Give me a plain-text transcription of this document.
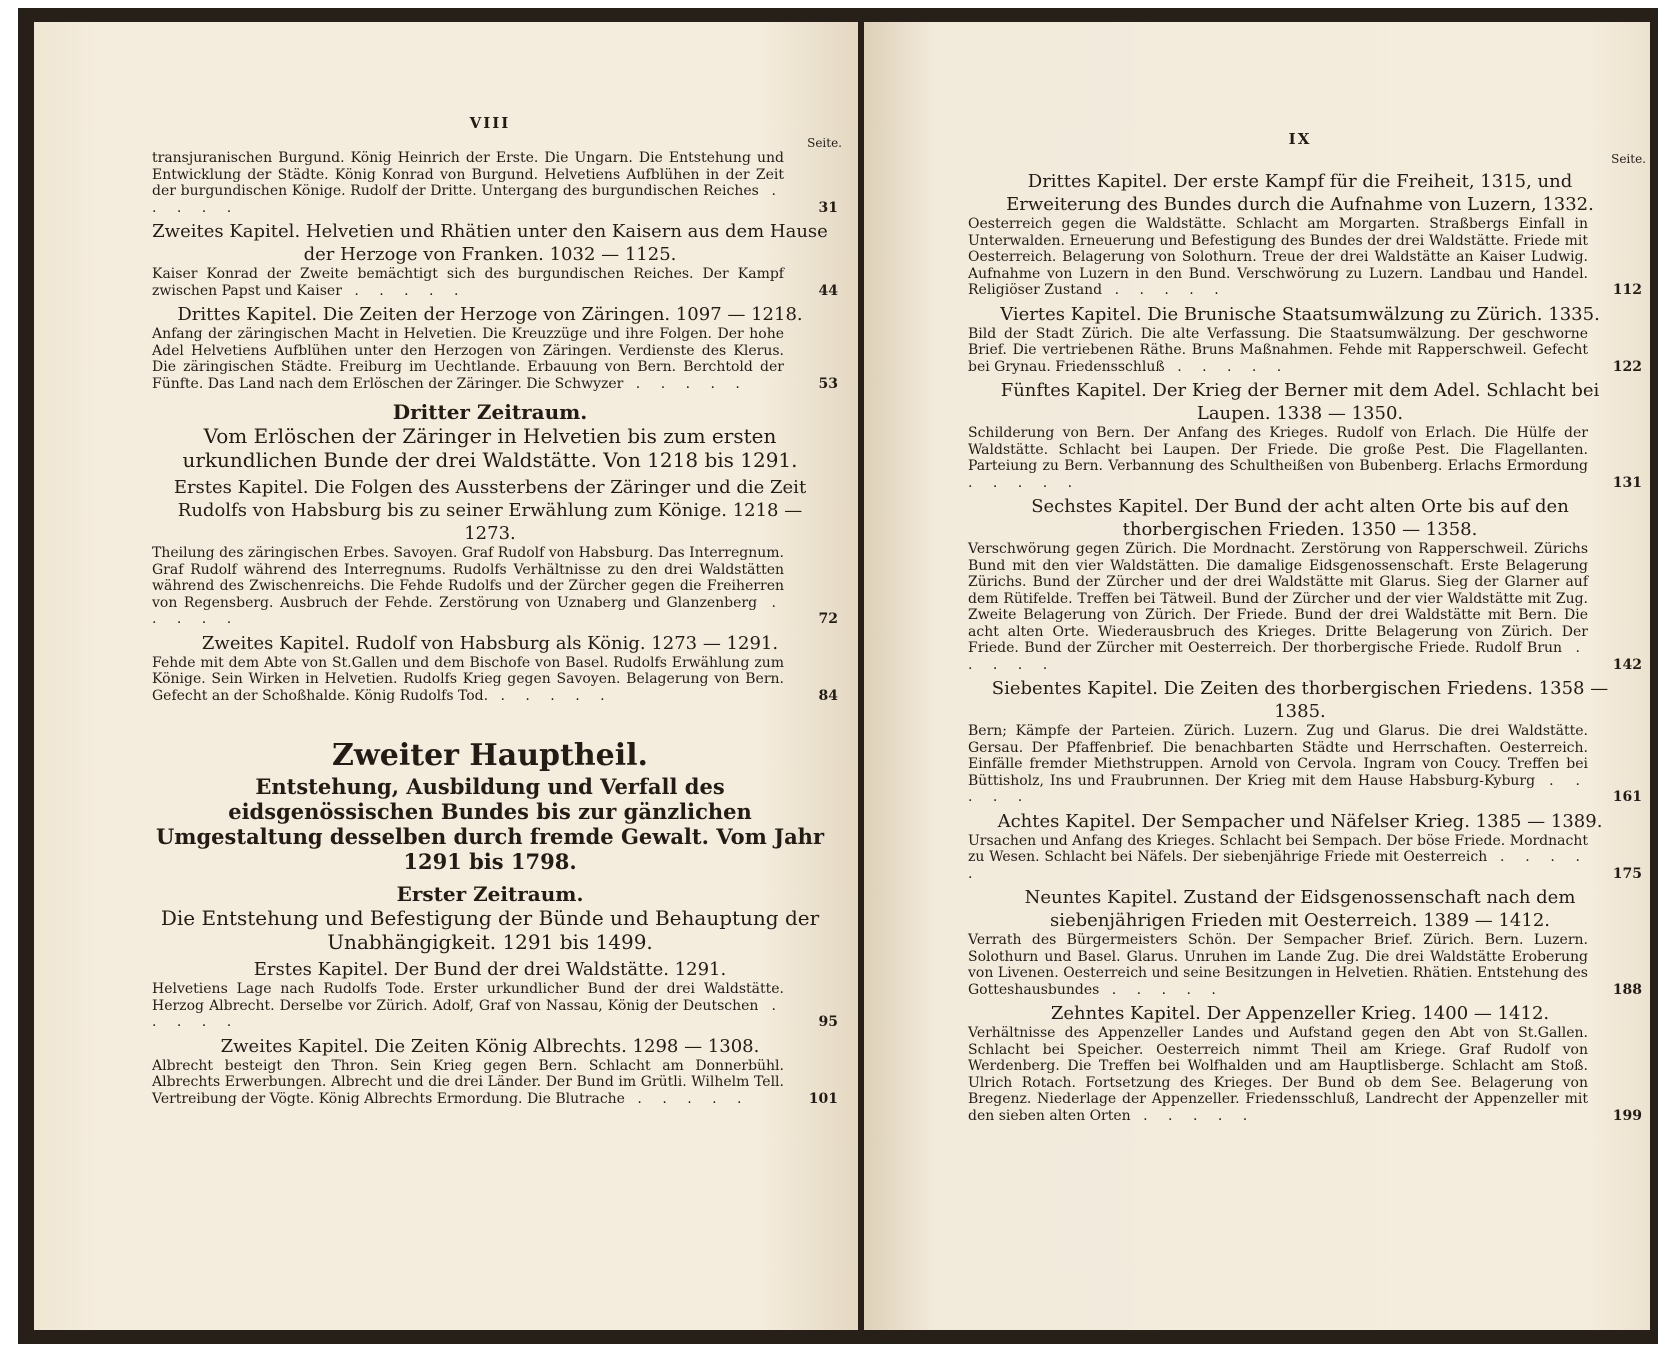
VIII
Seite.
transjuranischen Burgund. König Heinrich der Erste. Die Ungarn. Die Entstehung und Entwicklung der Städte. König Konrad von Burgund. Helvetiens Aufblühen in der Zeit der burgundischen Könige. Rudolf der Dritte. Untergang des burgundischen Reiches . . . . .	31
Zweites Kapitel. Helvetien und Rhätien unter den Kaisern aus dem Hause der Herzoge von Franken. 1032 — 1125.
Kaiser Konrad der Zweite bemächtigt sich des burgundischen Reiches. Der Kampf zwischen Papst und Kaiser . . . . .	44
Drittes Kapitel. Die Zeiten der Herzoge von Zäringen. 1097 — 1218.
Anfang der zäringischen Macht in Helvetien. Die Kreuzzüge und ihre Folgen. Der hohe Adel Helvetiens Aufblühen unter den Herzogen von Zäringen. Verdienste des Klerus. Die zäringischen Städte. Freiburg im Uechtlande. Erbauung von Bern. Berchtold der Fünfte. Das Land nach dem Erlöschen der Zäringer. Die Schwyzer . . . . .	53
Dritter Zeitraum.
Vom Erlöschen der Zäringer in Helvetien bis zum ersten urkundlichen Bunde der drei Waldstätte. Von 1218 bis 1291.
Erstes Kapitel. Die Folgen des Aussterbens der Zäringer und die Zeit Rudolfs von Habsburg bis zu seiner Erwählung zum Könige. 1218 — 1273.
Theilung des zäringischen Erbes. Savoyen. Graf Rudolf von Habsburg. Das Interregnum. Graf Rudolf während des Interregnums. Rudolfs Verhältnisse zu den drei Waldstätten während des Zwischenreichs. Die Fehde Rudolfs und der Zürcher gegen die Freiherren von Regensberg. Ausbruch der Fehde. Zerstörung von Uznaberg und Glanzenberg . . . . .	72
Zweites Kapitel. Rudolf von Habsburg als König. 1273 — 1291.
Fehde mit dem Abte von St.Gallen und dem Bischofe von Basel. Rudolfs Erwählung zum Könige. Sein Wirken in Helvetien. Rudolfs Krieg gegen Savoyen. Belagerung von Bern. Gefecht an der Schoßhalde. König Rudolfs Tod. . . . . .	84
Zweiter Hauptheil.
Entstehung, Ausbildung und Verfall des eidsgenössischen Bundes bis zur gänzlichen Umgestaltung desselben durch fremde Gewalt. Vom Jahr 1291 bis 1798.
Erster Zeitraum.
Die Entstehung und Befestigung der Bünde und Behauptung der Unabhängigkeit. 1291 bis 1499.
Erstes Kapitel. Der Bund der drei Waldstätte. 1291.
Helvetiens Lage nach Rudolfs Tode. Erster urkundlicher Bund der drei Waldstätte. Herzog Albrecht. Derselbe vor Zürich. Adolf, Graf von Nassau, König der Deutschen . . . . .	95
Zweites Kapitel. Die Zeiten König Albrechts. 1298 — 1308.
Albrecht besteigt den Thron. Sein Krieg gegen Bern. Schlacht am Donnerbühl. Albrechts Erwerbungen. Albrecht und die drei Länder. Der Bund im Grütli. Wilhelm Tell. Vertreibung der Vögte. König Albrechts Ermordung. Die Blutrache . . . . .	101
IX
Seite.
Drittes Kapitel. Der erste Kampf für die Freiheit, 1315, und Erweiterung des Bundes durch die Aufnahme von Luzern, 1332.
Oesterreich gegen die Waldstätte. Schlacht am Morgarten. Straßbergs Einfall in Unterwalden. Erneuerung und Befestigung des Bundes der drei Waldstätte. Friede mit Oesterreich. Belagerung von Solothurn. Treue der drei Waldstätte an Kaiser Ludwig. Aufnahme von Luzern in den Bund. Verschwörung zu Luzern. Landbau und Handel. Religiöser Zustand . . . . .	112
Viertes Kapitel. Die Brunische Staatsumwälzung zu Zürich. 1335.
Bild der Stadt Zürich. Die alte Verfassung. Die Staatsumwälzung. Der geschworne Brief. Die vertriebenen Räthe. Bruns Maßnahmen. Fehde mit Rapperschweil. Gefecht bei Grynau. Friedensschluß . . . . .	122
Fünftes Kapitel. Der Krieg der Berner mit dem Adel. Schlacht bei Laupen. 1338 — 1350.
Schilderung von Bern. Der Anfang des Krieges. Rudolf von Erlach. Die Hülfe der Waldstätte. Schlacht bei Laupen. Der Friede. Die große Pest. Die Flagellanten. Parteiung zu Bern. Verbannung des Schultheißen von Bubenberg. Erlachs Ermordung . . . . .	131
Sechstes Kapitel. Der Bund der acht alten Orte bis auf den thorbergischen Frieden. 1350 — 1358.
Verschwörung gegen Zürich. Die Mordnacht. Zerstörung von Rapperschweil. Zürichs Bund mit den vier Waldstätten. Die damalige Eidsgenossenschaft. Erste Belagerung Zürichs. Bund der Zürcher und der drei Waldstätte mit Glarus. Sieg der Glarner auf dem Rütifelde. Treffen bei Tätweil. Bund der Zürcher und der vier Waldstätte mit Zug. Zweite Belagerung von Zürich. Der Friede. Bund der drei Waldstätte mit Bern. Die acht alten Orte. Wiederausbruch des Krieges. Dritte Belagerung von Zürich. Der Friede. Bund der Zürcher mit Oesterreich. Der thorbergische Friede. Rudolf Brun . . . . .	142
Siebentes Kapitel. Die Zeiten des thorbergischen Friedens. 1358 — 1385.
Bern; Kämpfe der Parteien. Zürich. Luzern. Zug und Glarus. Die drei Waldstätte. Gersau. Der Pfaffenbrief. Die benachbarten Städte und Herrschaften. Oesterreich. Einfälle fremder Miethstruppen. Arnold von Cervola. Ingram von Coucy. Treffen bei Büttisholz, Ins und Fraubrunnen. Der Krieg mit dem Hause Habsburg-Kyburg . . . . .	161
Achtes Kapitel. Der Sempacher und Näfelser Krieg. 1385 — 1389.
Ursachen und Anfang des Krieges. Schlacht bei Sempach. Der böse Friede. Mordnacht zu Wesen. Schlacht bei Näfels. Der siebenjährige Friede mit Oesterreich . . . . .	175
Neuntes Kapitel. Zustand der Eidsgenossenschaft nach dem siebenjährigen Frieden mit Oesterreich. 1389 — 1412.
Verrath des Bürgermeisters Schön. Der Sempacher Brief. Zürich. Bern. Luzern. Solothurn und Basel. Glarus. Unruhen im Lande Zug. Die drei Waldstätte Eroberung von Livenen. Oesterreich und seine Besitzungen in Helvetien. Rhätien. Entstehung des Gotteshausbundes . . . . .	188
Zehntes Kapitel. Der Appenzeller Krieg. 1400 — 1412.
Verhältnisse des Appenzeller Landes und Aufstand gegen den Abt von St.Gallen. Schlacht bei Speicher. Oesterreich nimmt Theil am Kriege. Graf Rudolf von Werdenberg. Die Treffen bei Wolfhalden und am Hauptlisberge. Schlacht am Stoß. Ulrich Rotach. Fortsetzung des Krieges. Der Bund ob dem See. Belagerung von Bregenz. Niederlage der Appenzeller. Friedensschluß, Landrecht der Appenzeller mit den sieben alten Orten . . . . .	199
